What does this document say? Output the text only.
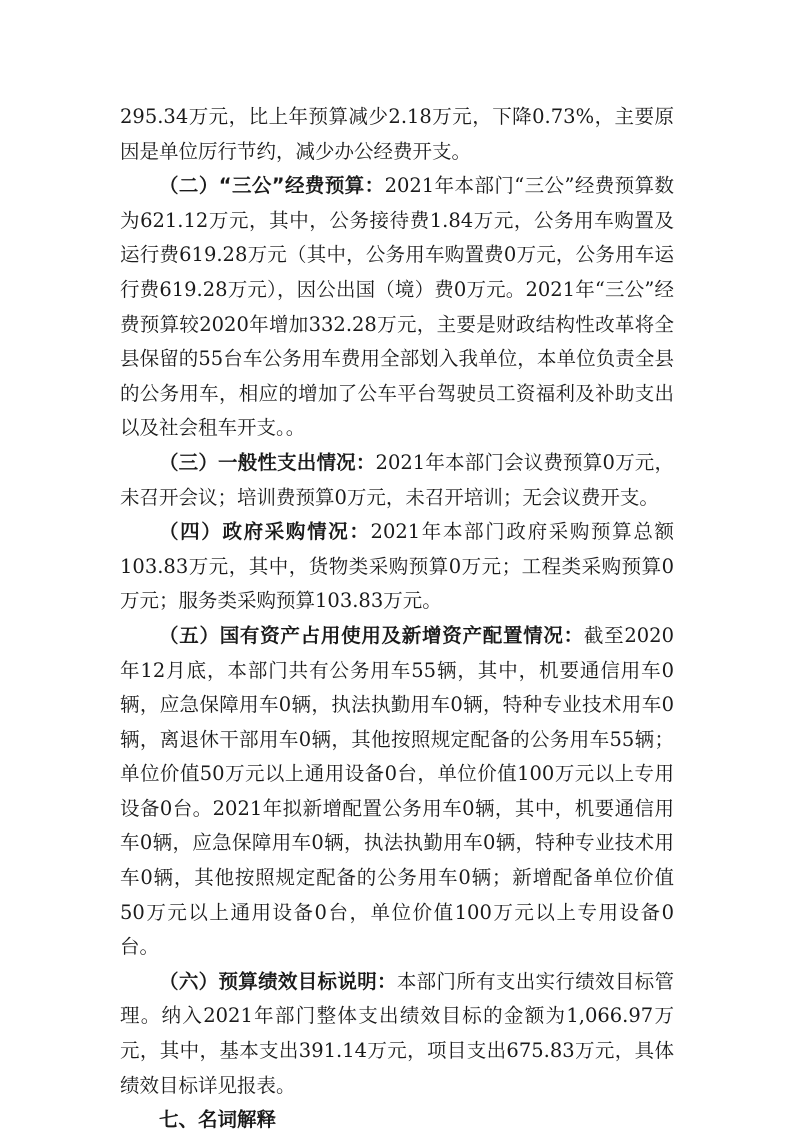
295.34万元，比上年预算减少2.18万元，下降0.73%，主要原因是单位厉行节约，减少办公经费开支。

（二）“三公”经费预算：2021年本部门“三公”经费预算数为621.12万元，其中，公务接待费1.84万元，公务用车购置及运行费619.28万元（其中，公务用车购置费0万元，公务用车运行费619.28万元），因公出国（境）费0万元。2021年“三公”经费预算较2020年增加332.28万元，主要是财政结构性改革将全县保留的55台车公务用车费用全部划入我单位，本单位负责全县的公务用车，相应的增加了公车平台驾驶员工资福利及补助支出以及社会租车开支。。

（三）一般性支出情况：2021年本部门会议费预算0万元，未召开会议；培训费预算0万元，未召开培训；无会议费开支。

（四）政府采购情况：2021年本部门政府采购预算总额103.83万元，其中，货物类采购预算0万元；工程类采购预算0万元；服务类采购预算103.83万元。

（五）国有资产占用使用及新增资产配置情况：截至2020年12月底，本部门共有公务用车55辆，其中，机要通信用车0辆，应急保障用车0辆，执法执勤用车0辆，特种专业技术用车0辆，离退休干部用车0辆，其他按照规定配备的公务用车55辆；单位价值50万元以上通用设备0台，单位价值100万元以上专用设备0台。2021年拟新增配置公务用车0辆，其中，机要通信用车0辆，应急保障用车0辆，执法执勤用车0辆，特种专业技术用车0辆，其他按照规定配备的公务用车0辆；新增配备单位价值50万元以上通用设备0台，单位价值100万元以上专用设备0台。

（六）预算绩效目标说明：本部门所有支出实行绩效目标管理。纳入2021年部门整体支出绩效目标的金额为1,066.97万元，其中，基本支出391.14万元，项目支出675.83万元，具体绩效目标详见报表。

七、名词解释
